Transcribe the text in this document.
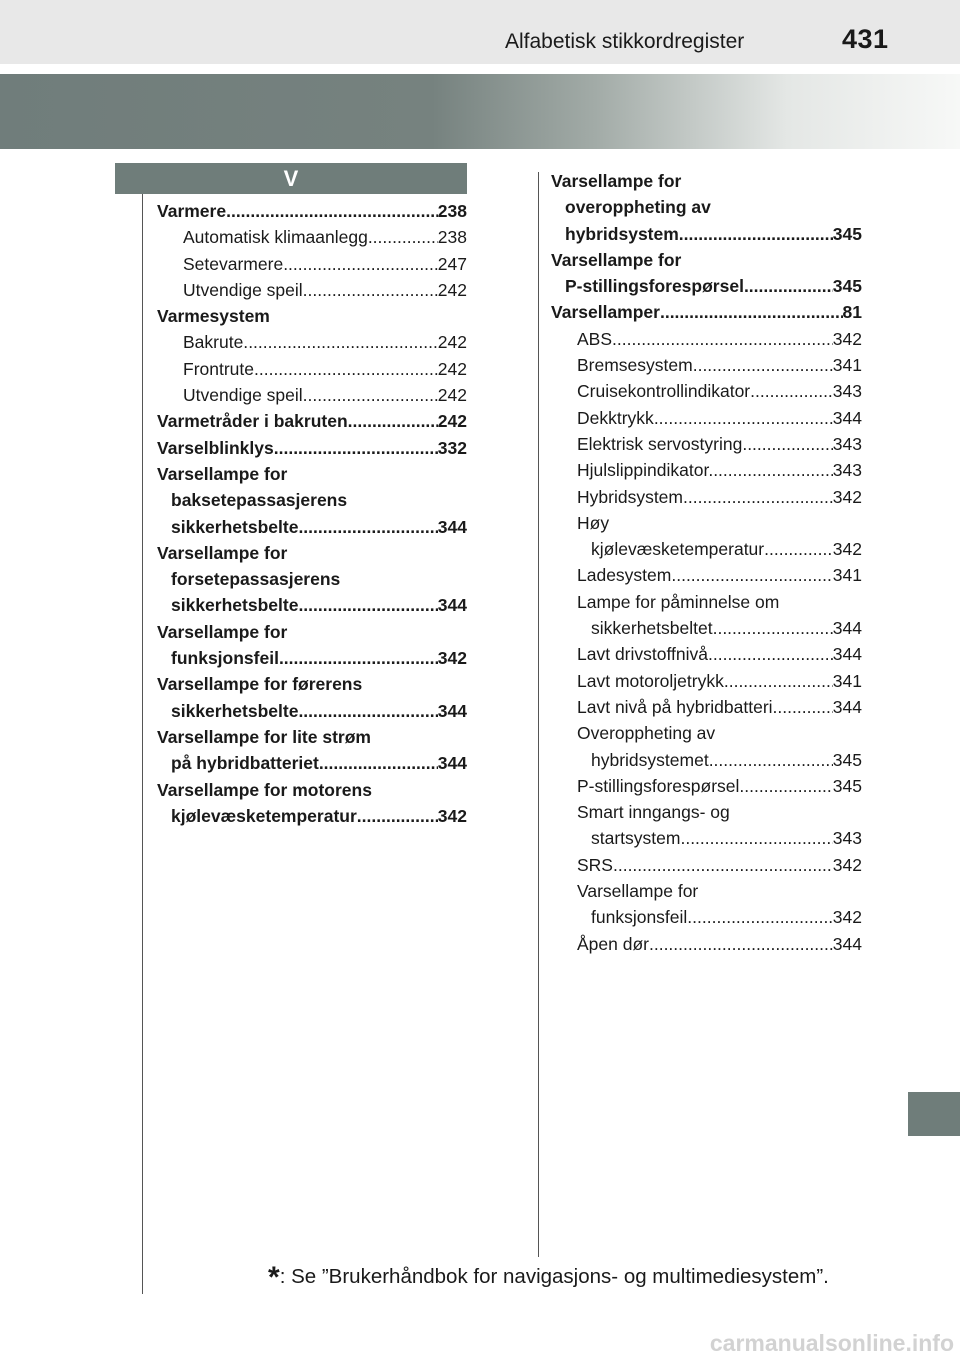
Alfabetisk stikkordregister	431
V
Varmere .....	238
Automatisk klimaanlegg .....	238
Setevarmere .....	247
Utvendige speil .....	242
Varmesystem
Bakrute. .....	242
Frontrute .....	242
Utvendige speil .....	242
Varmetråder i bakruten .....	242
Varselblinklys. .....	332
Varsellampe for
baksetepassasjerens
sikkerhetsbelte .....	344
Varsellampe for
forsetepassasjerens
sikkerhetsbelte .....	344
Varsellampe for
funksjonsfeil .....	342
Varsellampe for førerens
sikkerhetsbelte .....	344
Varsellampe for lite strøm
på hybridbatteriet .....	344
Varsellampe for motorens
kjølevæsketemperatur .....	342
Varsellampe for
overoppheting av
hybridsystem .....	345
Varsellampe for
P-stillingsforespørsel .....	345
Varsellamper .....	81
ABS .....	342
Bremsesystem .....	341
Cruisekontrollindikator .....	343
Dekktrykk .....	344
Elektrisk servostyring .....	343
Hjulslippindikator. .....	343
Hybridsystem .....	342
Høy
kjølevæsketemperatur .....	342
Ladesystem .....	341
Lampe for påminnelse om
sikkerhetsbeltet .....	344
Lavt drivstoffnivå .....	344
Lavt motoroljetrykk. .....	341
Lavt nivå på hybridbatteri. .....	344
Overoppheting av
hybridsystemet .....	345
P-stillingsforespørsel .....	345
Smart inngangs- og
startsystem .....	343
SRS .....	342
Varsellampe for
funksjonsfeil. .....	342
Åpen dør .....	344
*: Se ”Brukerhåndbok for navigasjons- og multimediesystem”.
carmanualsonline.info
